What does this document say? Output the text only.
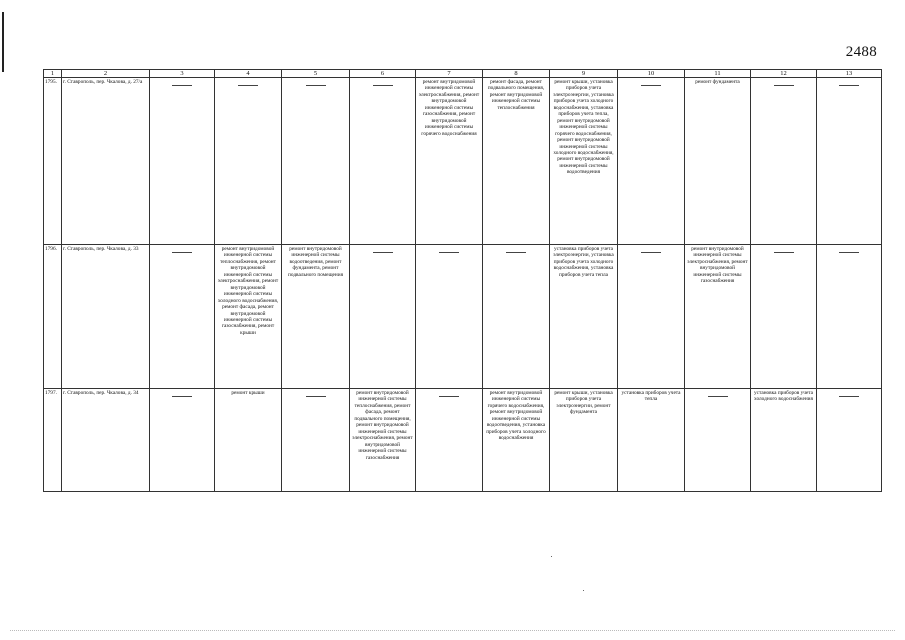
2488
1	2	3	4	5	6	7	8	9	10	11	12	13
1795.	г. Ставрополь, пер. Чкалова, д. 27/а					ремонт внутридомовой инженерной системы электроснабжения, ремонт внутридомовой инженерной системы газоснабжения, ремонт внутридомовой инженерной системы горячего водоснабжения	ремонт фасада, ремонт подвального помещения, ремонт внутридомовой инженерной системы теплоснабжения	ремонт крыши, установка приборов учета электроэнергии, установка приборов учета холодного водоснабжения, установка приборов учета тепла, ремонт внутридомовой инженерной системы горячего водоснабжения, ремонт внутридомовой инженерной системы холодного водоснабжения, ремонт внутридомовой инженерной системы водоотведения		ремонт фундамента	

1796.	г. Ставрополь, пер. Чкалова, д. 33		ремонт внутридомовой инженерной системы теплоснабжения, ремонт внутридомовой инженерной системы электроснабжения, ремонт внутридомовой инженерной системы холодного водоснабжения, ремонт фасада, ремонт внутридомовой инженерной системы газоснабжения, ремонт крыши	ремонт внутридомовой инженерной системы водоотведения, ремонт фундамента, ремонт подвального помещения				установка приборов учета электроэнергии, установка приборов учета холодного водоснабжения, установка приборов учета тепла		ремонт внутридомовой инженерной системы электроснабжения, ремонт внутридомовой инженерной системы газоснабжения	

1797.	г. Ставрополь, пер. Чкалова, д. 34		ремонт крыши		ремонт внутридомовой инженерной системы теплоснабжения, ремонт фасада, ремонт подвального помещения, ремонт внутридомовой инженерной системы электроснабжения, ремонт внутридомовой инженерной системы газоснабжения		ремонт внутридомовой инженерной системы горячего водоснабжения, ремонт внутридомовой инженерной системы водоотведения, установка приборов учета холодного водоснабжения	ремонт крыши, установка приборов учета электроэнергии, ремонт фундамента	установка приборов учета тепла		установка приборов учета холодного водоснабжения	
